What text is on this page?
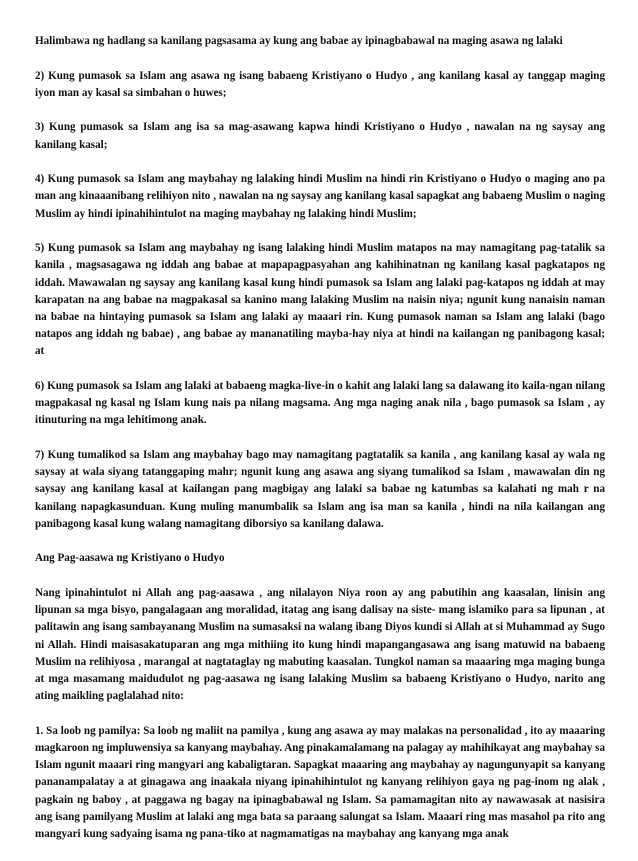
Halimbawa ng hadlang sa kanilang pagsasama ay kung ang babae ay ipinagbabawal na maging asawa ng lalaki

2) Kung pumasok sa Islam ang asawa ng isang babaeng Kristiyano o Hudyo , ang kanilang kasal ay tanggap maging iyon man ay kasal sa simbahan o huwes;

3) Kung pumasok sa Islam ang isa sa mag-asawang kapwa hindi Kristiyano o Hudyo , nawalan na ng saysay ang kanilang kasal;

4) Kung pumasok sa Islam ang maybahay ng lalaking hindi Muslim na hindi rin Kristiyano o Hudyo o maging ano pa man ang kinaaanibang relihiyon nito , nawalan na ng saysay ang kanilang kasal sapagkat ang babaeng Muslim o naging Muslim ay hindi ipinahihintulot na maging maybahay ng lalaking hindi Muslim;

5) Kung pumasok sa Islam ang maybahay ng isang lalaking hindi Muslim matapos na may namagitang pag-tatalik sa kanila , magsasagawa ng iddah ang babae at mapapagpasyahan ang kahihinatnan ng kanilang kasal pagkatapos ng iddah. Mawawalan ng saysay ang kanilang kasal kung hindi pumasok sa Islam ang lalaki pag-katapos ng iddah at may karapatan na ang babae na magpakasal sa kanino mang lalaking Muslim na naisin niya; ngunit kung nanaisin naman na babae na hintaying pumasok sa Islam ang lalaki ay maaari rin. Kung pumasok naman sa Islam ang lalaki (bago natapos ang iddah ng babae) , ang babae ay mananatiling mayba-hay niya at hindi na kailangan ng panibagong kasal; at

6) Kung pumasok sa Islam ang lalaki at babaeng magka-live-in o kahit ang lalaki lang sa dalawang ito kaila-ngan nilang magpakasal ng kasal ng Islam kung nais pa nilang magsama. Ang mga naging anak nila , bago pumasok sa Islam , ay itinuturing na mga lehitimong anak.

7) Kung tumalikod sa Islam ang maybahay bago may namagitang pagtatalik sa kanila , ang kanilang kasal ay wala ng saysay at wala siyang tatanggaping mahr; ngunit kung ang asawa ang siyang tumalikod sa Islam , mawawalan din ng saysay ang kanilang kasal at kailangan pang magbigay ang lalaki sa babae ng katumbas sa kalahati ng mah r na kanilang napagkasunduan. Kung muling manumbalik sa Islam ang isa man sa kanila , hindi na nila kailangan ang panibagong kasal kung walang namagitang diborsiyo sa kanilang dalawa.

Ang Pag-aasawa ng Kristiyano o Hudyo

Nang ipinahintulot ni Allah ang pag-aasawa , ang nilalayon Niya roon ay ang pabutihin ang kaasalan, linisin ang lipunan sa mga bisyo, pangalagaan ang moralidad, itatag ang isang dalisay na siste- mang islamiko para sa lipunan , at palitawin ang isang sambayanang Muslim na sumasaksi na walang ibang Diyos kundi si Allah at si Muhammad ay Sugo ni Allah. Hindi maisasakatuparan ang mga mithiing ito kung hindi mapangangasawa ang isang matuwid na babaeng Muslim na relihiyosa , marangal at nagtataglay ng mabuting kaasalan. Tungkol naman sa maaaring mga maging bunga at mga masamang maidudulot ng pag-aasawa ng isang lalaking Muslim sa babaeng Kristiyano o Hudyo, narito ang ating maikling paglalahad nito:

1. Sa loob ng pamilya: Sa loob ng maliit na pamilya , kung ang asawa ay may malakas na personalidad , ito ay maaaring magkaroon ng impluwensiya sa kanyang maybahay. Ang pinakamalamang na palagay ay mahihikayat ang maybahay sa Islam ngunit maaari ring mangyari ang kabaligtaran. Sapagkat maaaring ang maybahay ay nagungunyapit sa kanyang pananampalatay a at ginagawa ang inaakala niyang ipinahihintulot ng kanyang relihiyon gaya ng pag-inom ng alak , pagkain ng baboy , at paggawa ng bagay na ipinagbabawal ng Islam. Sa pamamagitan nito ay nawawasak at nasisira ang isang pamilyang Muslim at lalaki ang mga bata sa paraang salungat sa Islam. Maaari ring mas masahol pa rito ang mangyari kung sadyaing isama ng pana-tiko at nagmamatigas na maybahay ang kanyang mga anak
